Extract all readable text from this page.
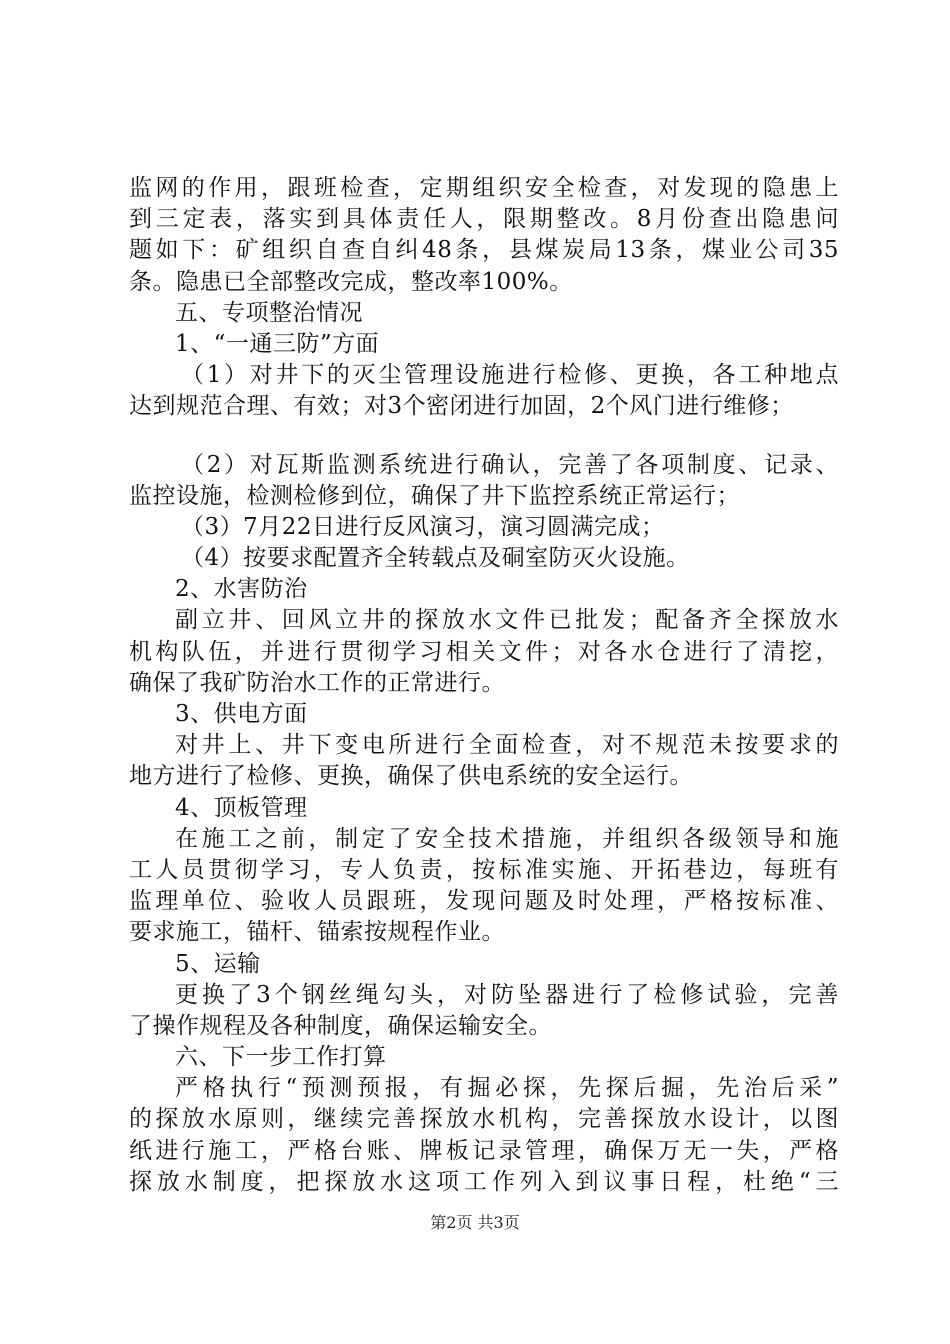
监网的作用，跟班检查，定期组织安全检查，对发现的隐患上
到三定表，落实到具体责任人，限期整改。8月份查出隐患问
题如下：矿组织自查自纠48条，县煤炭局13条，煤业公司35
条。隐患已全部整改完成，整改率100%。
五、专项整治情况
1、“一通三防”方面
（1）对井下的灭尘管理设施进行检修、更换，各工种地点
达到规范合理、有效；对3个密闭进行加固，2个风门进行维修；
（2）对瓦斯监测系统进行确认，完善了各项制度、记录、
监控设施，检测检修到位，确保了井下监控系统正常运行；
（3）7月22日进行反风演习，演习圆满完成；
（4）按要求配置齐全转载点及硐室防灭火设施。
2、水害防治
副立井、回风立井的探放水文件已批发；配备齐全探放水
机构队伍，并进行贯彻学习相关文件；对各水仓进行了清挖，
确保了我矿防治水工作的正常进行。
3、供电方面
对井上、井下变电所进行全面检查，对不规范未按要求的
地方进行了检修、更换，确保了供电系统的安全运行。
4、顶板管理
在施工之前，制定了安全技术措施，并组织各级领导和施
工人员贯彻学习，专人负责，按标准实施、开拓巷边，每班有
监理单位、验收人员跟班，发现问题及时处理，严格按标准、
要求施工，锚杆、锚索按规程作业。
5、运输
更换了3个钢丝绳勾头，对防坠器进行了检修试验，完善
了操作规程及各种制度，确保运输安全。
六、下一步工作打算
严格执行“预测预报，有掘必探，先探后掘，先治后采”
的探放水原则，继续完善探放水机构，完善探放水设计，以图
纸进行施工，严格台账、牌板记录管理，确保万无一失，严格
探放水制度，把探放水这项工作列入到议事日程，杜绝“三
第2页 共3页
